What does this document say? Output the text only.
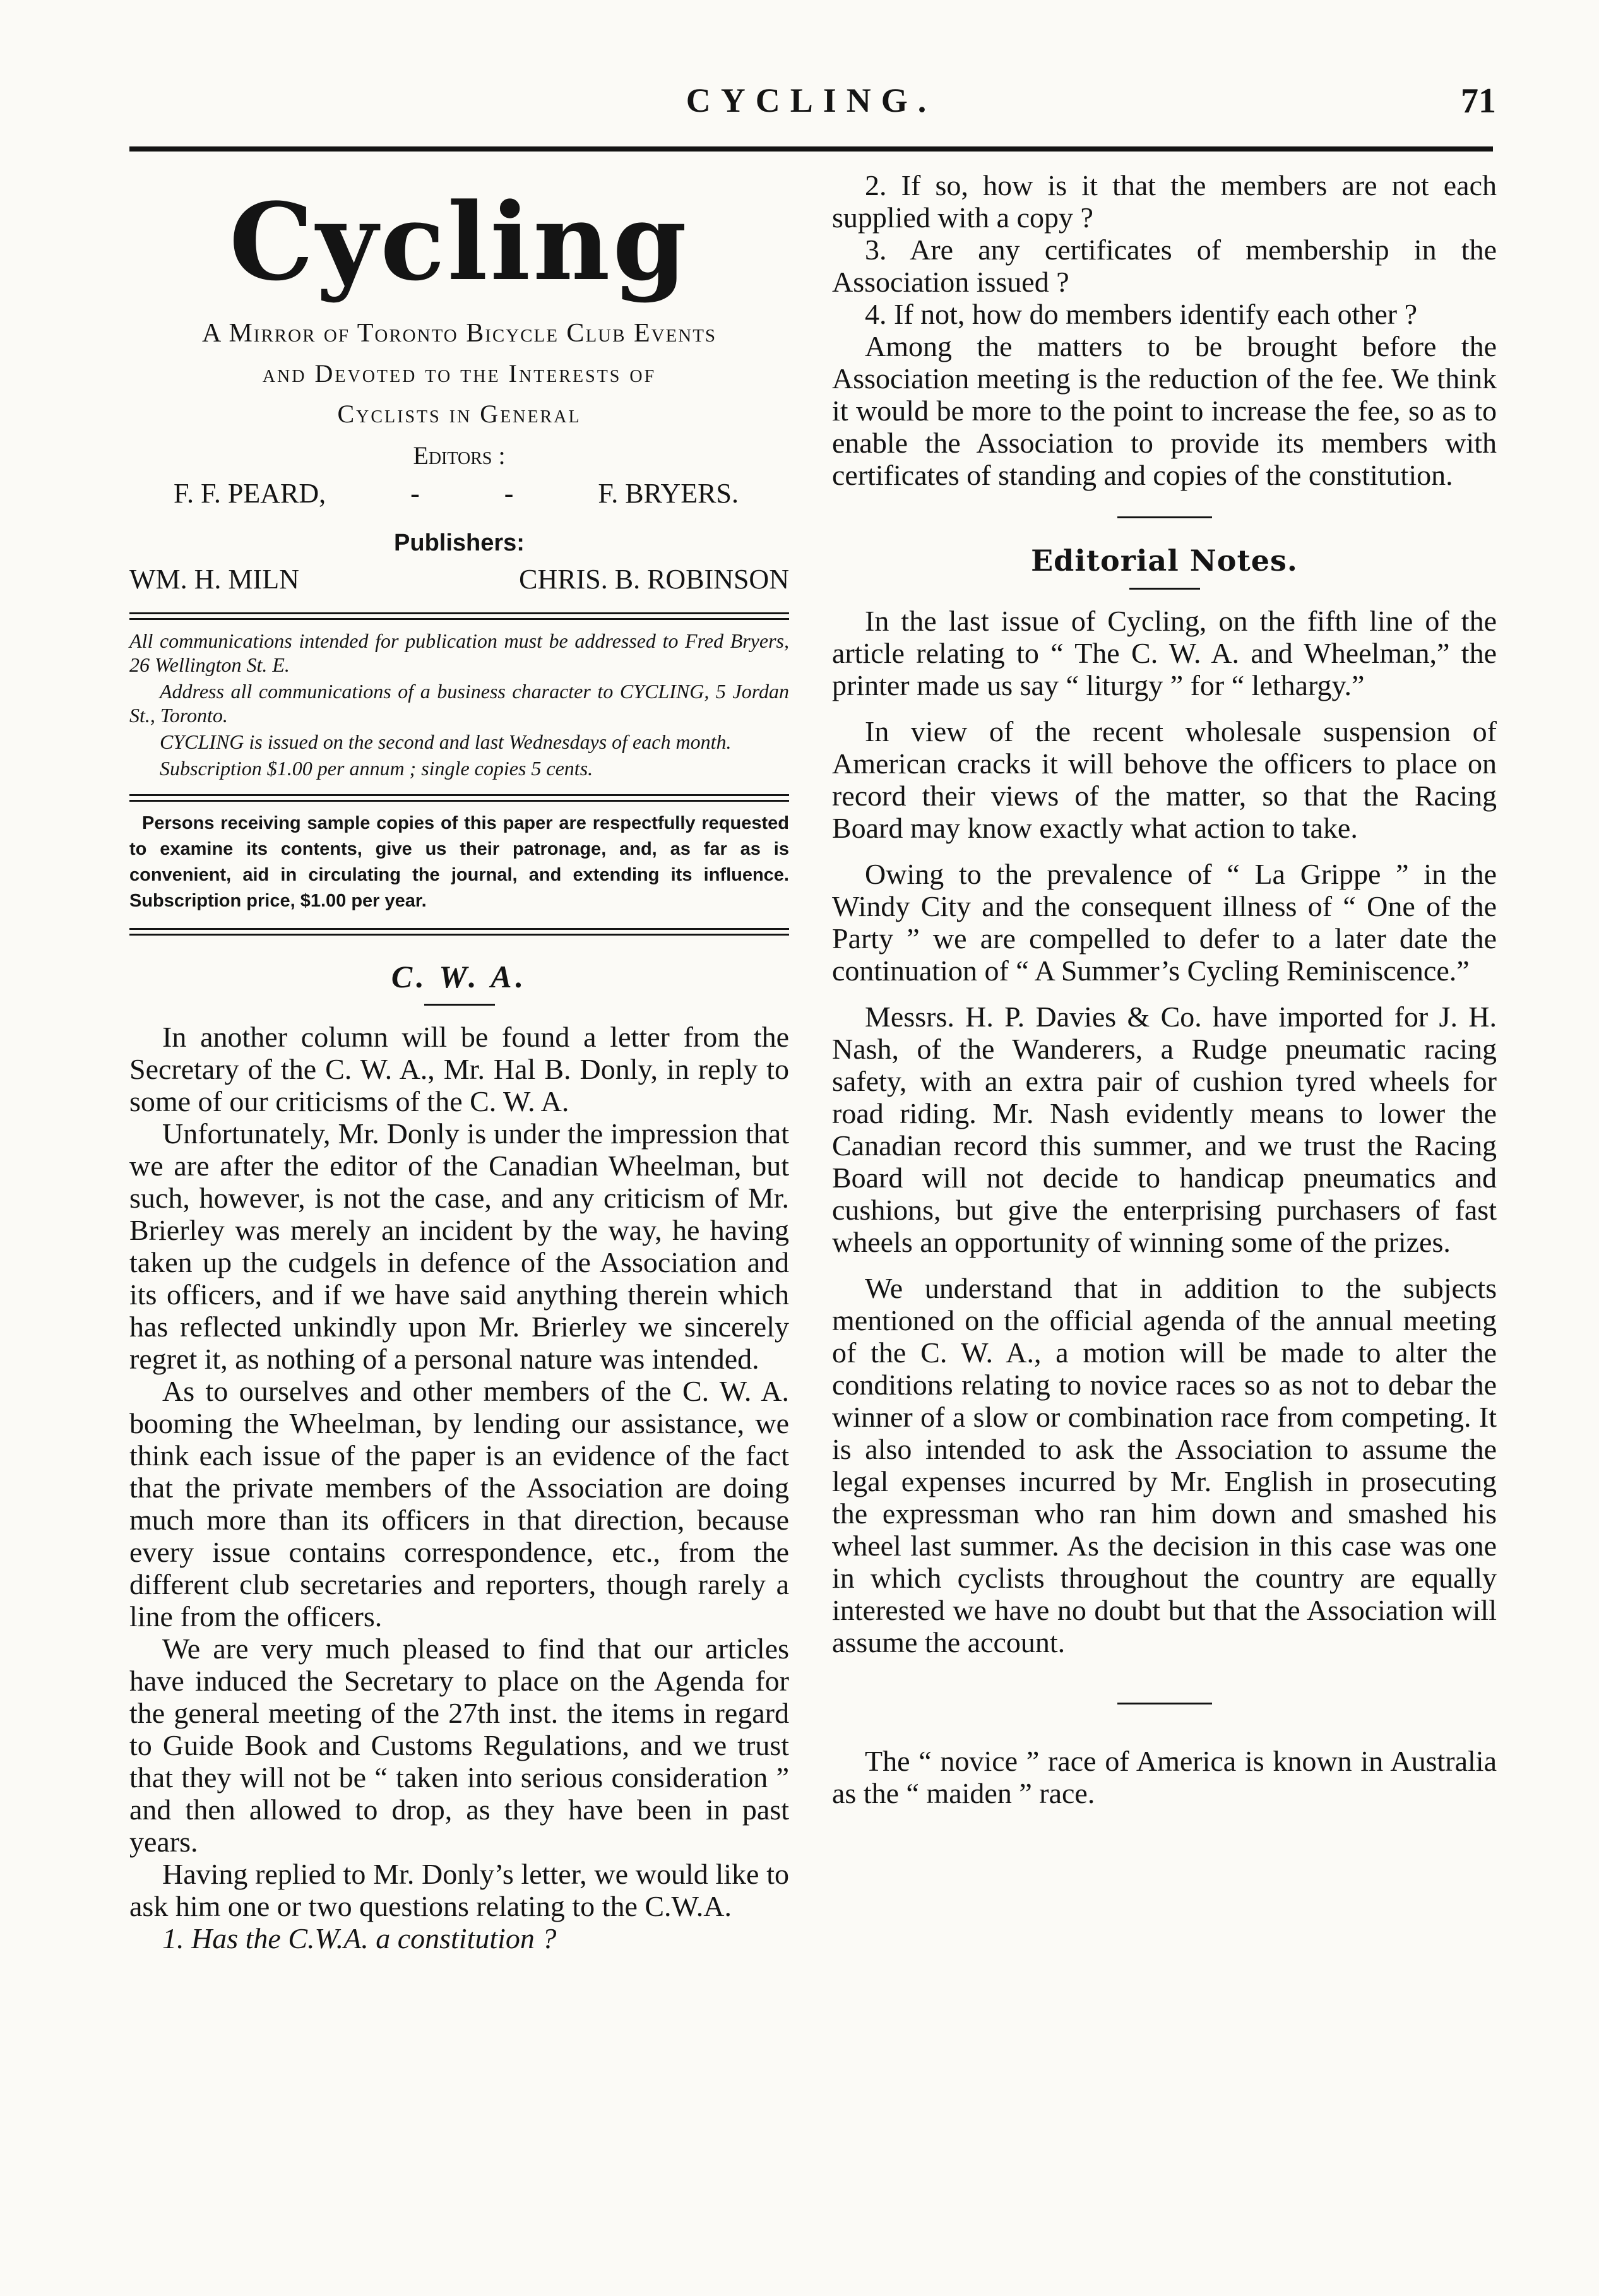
CYCLING.	71
Cycling
A Mirror of Toronto Bicycle Club Events
and Devoted to the Interests of
Cyclists in General
Editors :
F. F. PEARD,	-	-	F. BRYERS.
Publishers:
WM. H. MILN	CHRIS. B. ROBINSON

All communications intended for publication must be addressed to Fred Bryers, 26 Wellington St. E.

Address all communications of a business character to CYCLING, 5 Jordan St., Toronto.

CYCLING is issued on the second and last Wednesdays of each month.

Subscription $1.00 per annum ; single copies 5 cents.

Persons receiving sample copies of this paper are respectfully requested to examine its contents, give us their patronage, and, as far as is convenient, aid in circulating the journal, and extending its influence. Subscription price, $1.00 per year.

C. W. A.

In another column will be found a letter from the Secretary of the C. W. A., Mr. Hal B. Donly, in reply to some of our criticisms of the C. W. A.

Unfortunately, Mr. Donly is under the impression that we are after the editor of the Canadian Wheelman, but such, however, is not the case, and any criticism of Mr. Brierley was merely an incident by the way, he having taken up the cudgels in defence of the Association and its officers, and if we have said anything therein which has reflected unkindly upon Mr. Brierley we sincerely regret it, as nothing of a personal nature was intended.

As to ourselves and other members of the C. W. A. booming the Wheelman, by lending our assistance, we think each issue of the paper is an evidence of the fact that the private members of the Association are doing much more than its officers in that direction, because every issue contains correspondence, etc., from the different club secretaries and reporters, though rarely a line from the officers.

We are very much pleased to find that our articles have induced the Secretary to place on the Agenda for the general meeting of the 27th inst. the items in regard to Guide Book and Customs Regulations, and we trust that they will not be “ taken into serious consideration ” and then allowed to drop, as they have been in past years.

Having replied to Mr. Donly’s letter, we would like to ask him one or two questions relating to the C.W.A.

1. Has the C.W.A. a constitution ?

2. If so, how is it that the members are not each supplied with a copy ?

3. Are any certificates of membership in the Association issued ?

4. If not, how do members identify each other ?

Among the matters to be brought before the Association meeting is the reduction of the fee. We think it would be more to the point to increase the fee, so as to enable the Association to provide its members with certificates of standing and copies of the constitution.

Editorial Notes.

In the last issue of Cycling, on the fifth line of the article relating to “ The C. W. A. and Wheelman,” the printer made us say “ liturgy ” for “ lethargy.”

In view of the recent wholesale suspension of American cracks it will behove the officers to place on record their views of the matter, so that the Racing Board may know exactly what action to take.

Owing to the prevalence of “ La Grippe ” in the Windy City and the consequent illness of “ One of the Party ” we are compelled to defer to a later date the continuation of “ A Summer’s Cycling Reminiscence.”

Messrs. H. P. Davies & Co. have imported for J. H. Nash, of the Wanderers, a Rudge pneumatic racing safety, with an extra pair of cushion tyred wheels for road riding. Mr. Nash evidently means to lower the Canadian record this summer, and we trust the Racing Board will not decide to handicap pneumatics and cushions, but give the enterprising purchasers of fast wheels an opportunity of winning some of the prizes.

We understand that in addition to the subjects mentioned on the official agenda of the annual meeting of the C. W. A., a motion will be made to alter the conditions relating to novice races so as not to debar the winner of a slow or combination race from competing. It is also intended to ask the Association to assume the legal expenses incurred by Mr. English in prosecuting the expressman who ran him down and smashed his wheel last summer. As the decision in this case was one in which cyclists throughout the country are equally interested we have no doubt but that the Association will assume the account.

The “ novice ” race of America is known in Australia as the “ maiden ” race.
